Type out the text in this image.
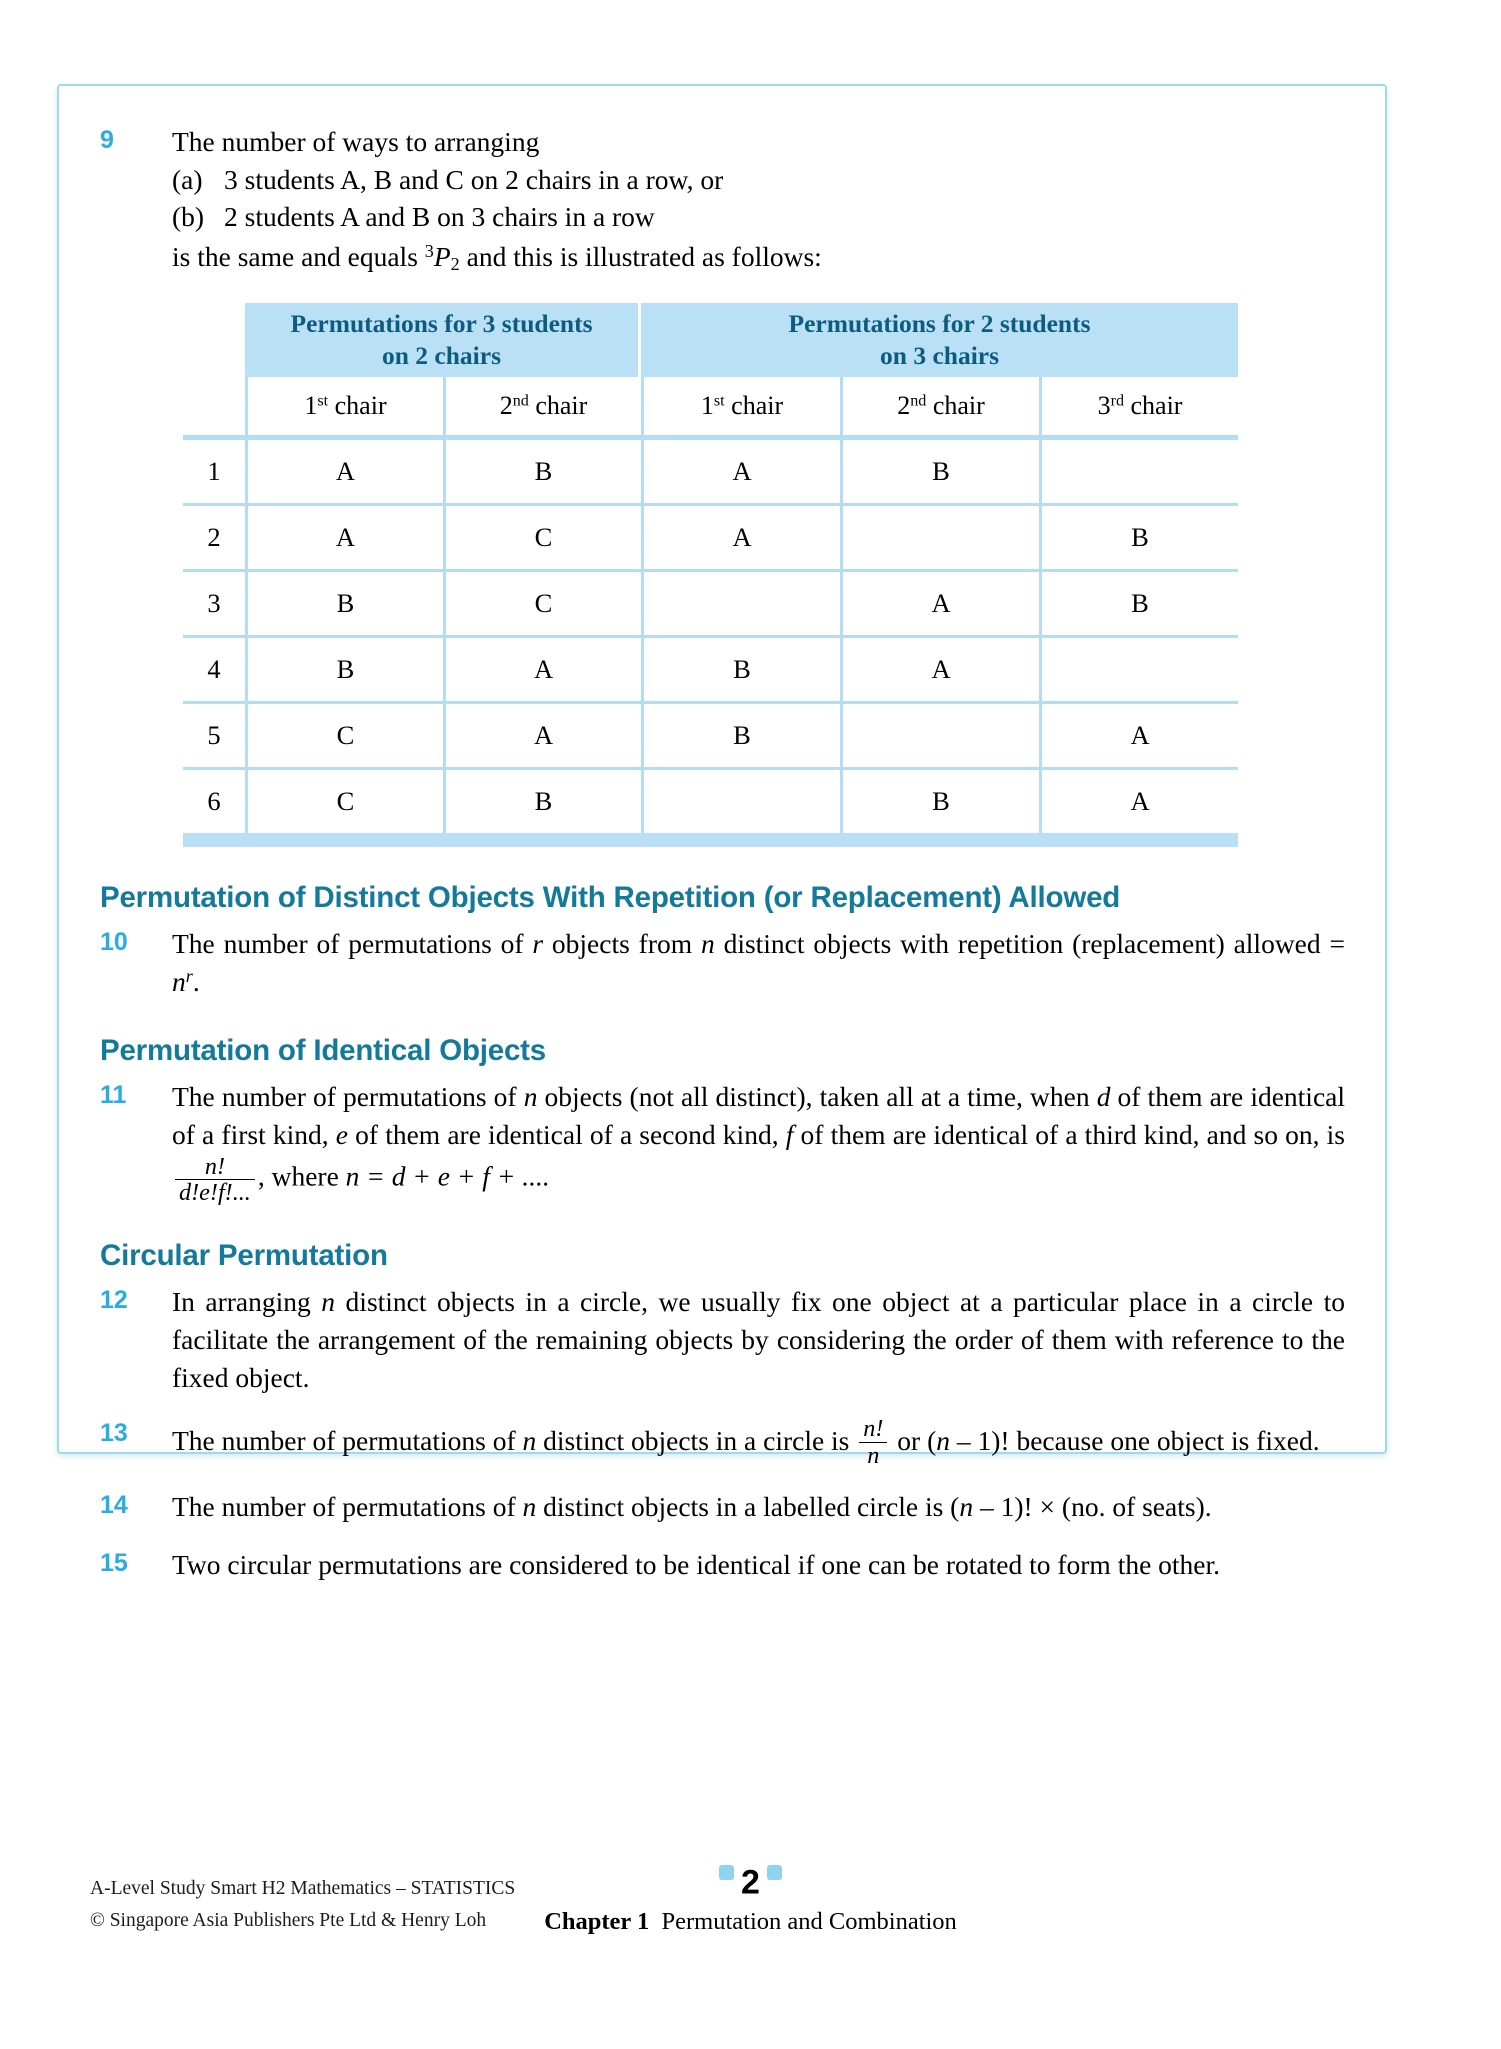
9	The number of ways to arranging

(a) 3 students A, B and C on 2 chairs in a row, or
(b) 2 students A and B on 3 chairs in a row
is the same and equals $^3P_2$ and this is illustrated as follows:
	Permutations for 3 students
on 2 chairs		Permutations for 2 students
on 3 chairs		
	1st chair	2nd chair	1st chair	2nd chair	3rd chair
1	A	B	A	B	
2	A	C	A		B
3	B	C		A	B
4	B	A	B	A	
5	C	A	B		A
6	C	B		B	A
Permutation of Distinct Objects With Repetition (or Replacement) Allowed
10	The number of permutations of r objects from n distinct objects with repetition (replacement) allowed = $n^r$.

Permutation of Identical Objects
11	The number of permutations of n objects (not all distinct), taken all at a time, when d of them are identical of a first kind, e of them are identical of a second kind, f of them are identical of a third kind, and so on, is
$\frac{n!}{d!e!f!...}$ , where n = d + e + f + ....

Circular Permutation
12	In arranging n distinct objects in a circle, we usually fix one object at a particular place in a circle to facilitate the arrangement of the remaining objects by considering the order of them with reference to the fixed object.

13	The number of permutations of n distinct objects in a circle is $\frac{n!}{n}$ or (n – 1)! because one object is fixed.

14	The number of permutations of n distinct objects in a labelled circle is (n – 1)! × (no. of seats).

15	Two circular permutations are considered to be identical if one can be rotated to form the other.

A-Level Study Smart H2 Mathematics – STATISTICS
© Singapore Asia Publishers Pte Ltd & Henry Loh
2
Chapter 1 Permutation and Combination
